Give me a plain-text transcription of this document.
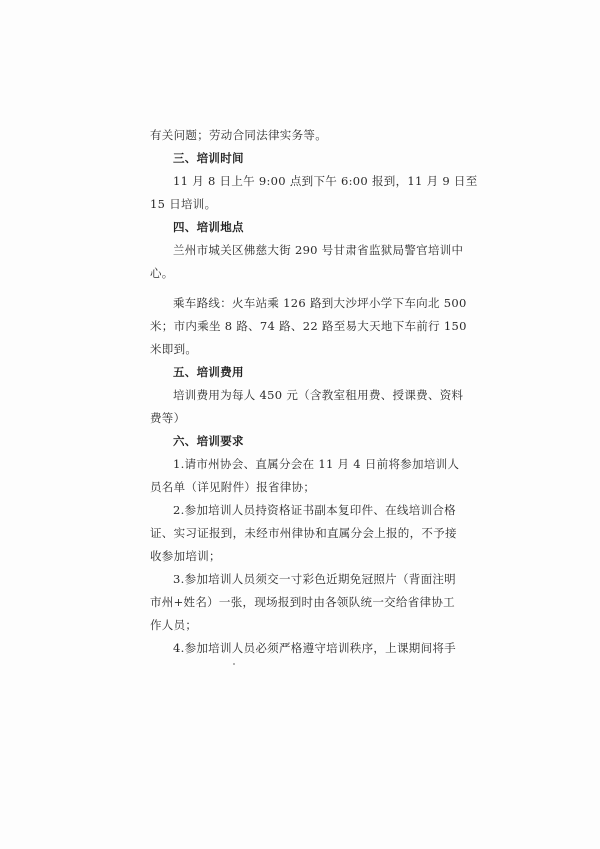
有关问题；劳动合同法律实务等。
三、培训时间
11 月 8 日上午 9:00 点到下午 6:00 报到，11 月 9 日至
15 日培训。
四、培训地点
兰州市城关区佛慈大街 290 号甘肃省监狱局警官培训中
心。
乘车路线：火车站乘 126 路到大沙坪小学下车向北 500
米；市内乘坐 8 路、74 路、22 路至易大天地下车前行 150
米即到。
五、培训费用
培训费用为每人 450 元（含教室租用费、授课费、资料
费等）
六、培训要求
1.请市州协会、直属分会在 11 月 4 日前将参加培训人
员名单（详见附件）报省律协；
2.参加培训人员持资格证书副本复印件、在线培训合格
证、实习证报到，未经市州律协和直属分会上报的，不予接
收参加培训；
3.参加培训人员须交一寸彩色近期免冠照片（背面注明
市州+姓名）一张，现场报到时由各领队统一交给省律协工
作人员；
4.参加培训人员必须严格遵守培训秩序，上课期间将手
